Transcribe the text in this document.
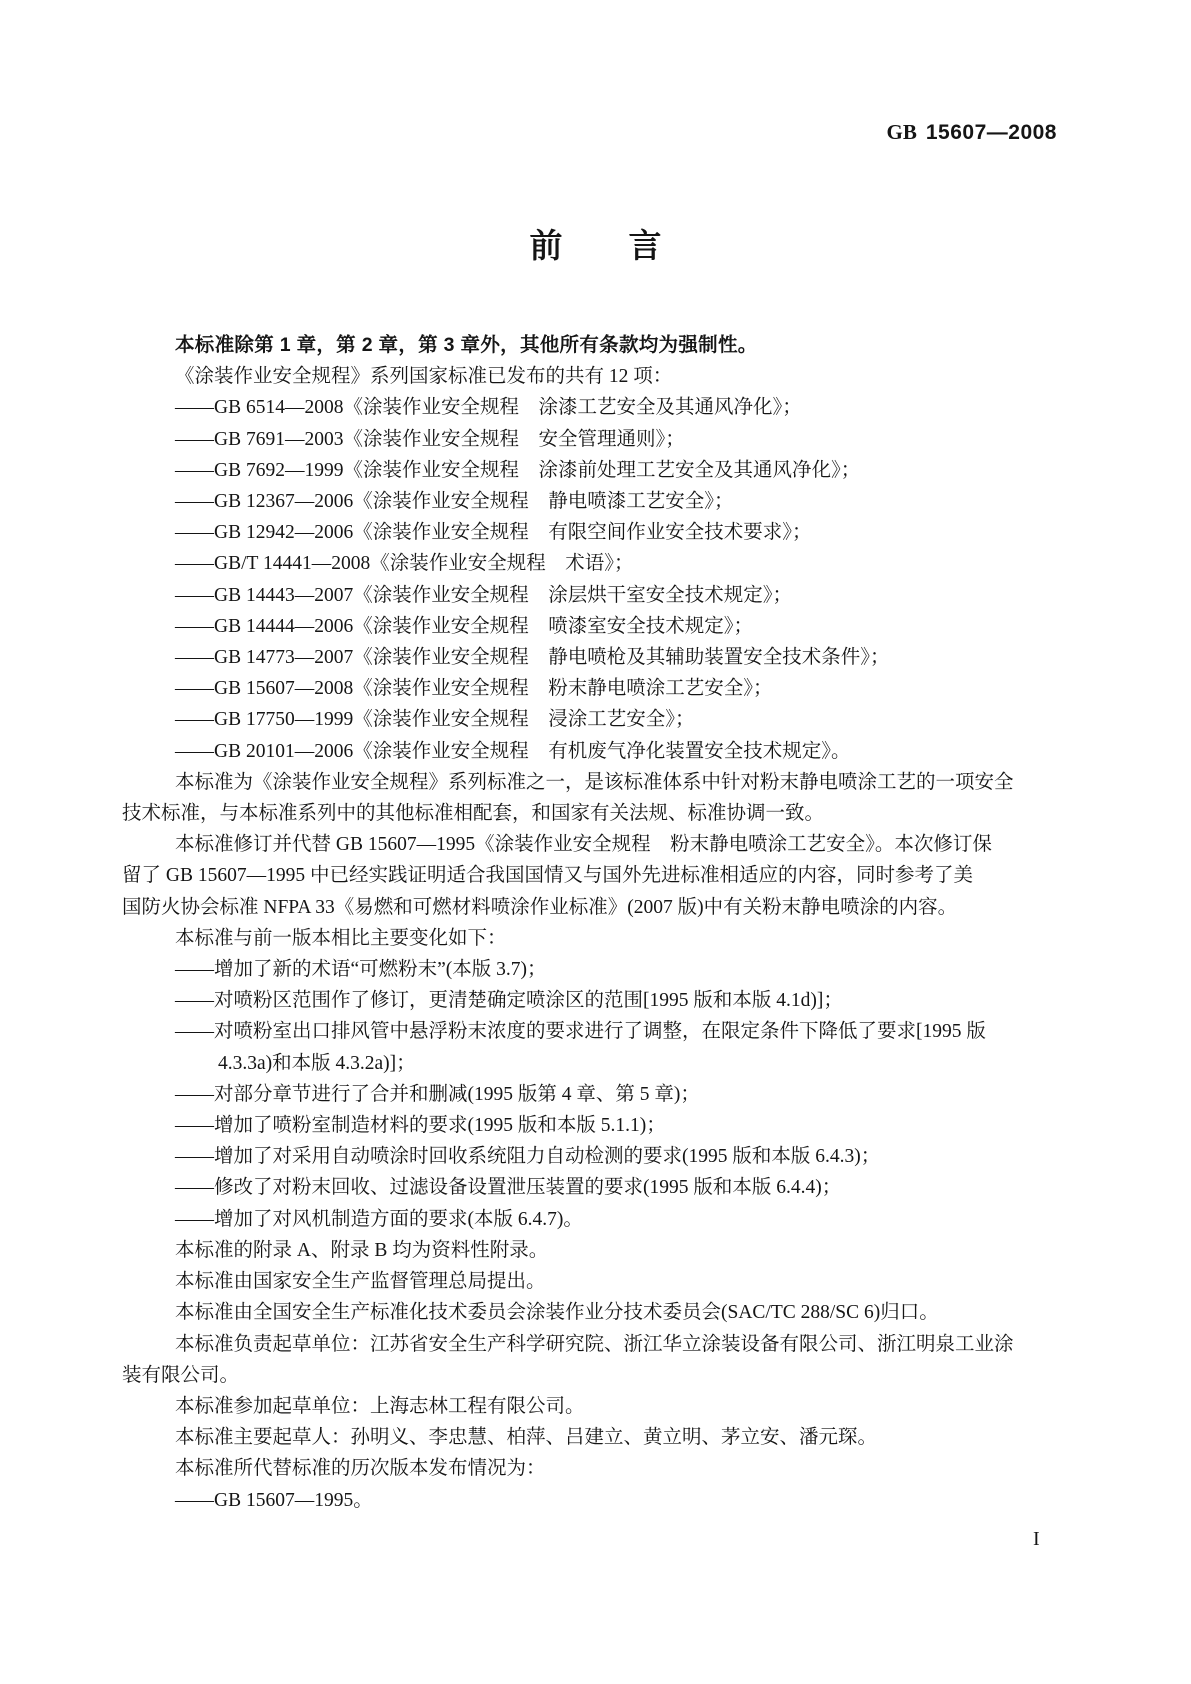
GB 15607—2008
前　　言
本标准除第 1 章，第 2 章，第 3 章外，其他所有条款均为强制性。
《涂装作业安全规程》系列国家标准已发布的共有 12 项：
——GB 6514—2008《涂装作业安全规程　涂漆工艺安全及其通风净化》；
——GB 7691—2003《涂装作业安全规程　安全管理通则》；
——GB 7692—1999《涂装作业安全规程　涂漆前处理工艺安全及其通风净化》；
——GB 12367—2006《涂装作业安全规程　静电喷漆工艺安全》；
——GB 12942—2006《涂装作业安全规程　有限空间作业安全技术要求》；
——GB/T 14441—2008《涂装作业安全规程　术语》；
——GB 14443—2007《涂装作业安全规程　涂层烘干室安全技术规定》；
——GB 14444—2006《涂装作业安全规程　喷漆室安全技术规定》；
——GB 14773—2007《涂装作业安全规程　静电喷枪及其辅助装置安全技术条件》；
——GB 15607—2008《涂装作业安全规程　粉末静电喷涂工艺安全》；
——GB 17750—1999《涂装作业安全规程　浸涂工艺安全》；
——GB 20101—2006《涂装作业安全规程　有机废气净化装置安全技术规定》。
本标准为《涂装作业安全规程》系列标准之一，是该标准体系中针对粉末静电喷涂工艺的一项安全
技术标准，与本标准系列中的其他标准相配套，和国家有关法规、标准协调一致。
本标准修订并代替 GB 15607—1995《涂装作业安全规程　粉末静电喷涂工艺安全》。本次修订保
留了 GB 15607—1995 中已经实践证明适合我国国情又与国外先进标准相适应的内容，同时参考了美
国防火协会标准 NFPA 33《易燃和可燃材料喷涂作业标准》(2007 版)中有关粉末静电喷涂的内容。
本标准与前一版本相比主要变化如下：
——增加了新的术语“可燃粉末”(本版 3.7)；
——对喷粉区范围作了修订，更清楚确定喷涂区的范围[1995 版和本版 4.1d)]；
——对喷粉室出口排风管中悬浮粉末浓度的要求进行了调整，在限定条件下降低了要求[1995 版
4.3.3a)和本版 4.3.2a)]；
——对部分章节进行了合并和删减(1995 版第 4 章、第 5 章)；
——增加了喷粉室制造材料的要求(1995 版和本版 5.1.1)；
——增加了对采用自动喷涂时回收系统阻力自动检测的要求(1995 版和本版 6.4.3)；
——修改了对粉末回收、过滤设备设置泄压装置的要求(1995 版和本版 6.4.4)；
——增加了对风机制造方面的要求(本版 6.4.7)。
本标准的附录 A、附录 B 均为资料性附录。
本标准由国家安全生产监督管理总局提出。
本标准由全国安全生产标准化技术委员会涂装作业分技术委员会(SAC/TC 288/SC 6)归口。
本标准负责起草单位：江苏省安全生产科学研究院、浙江华立涂装设备有限公司、浙江明泉工业涂
装有限公司。
本标准参加起草单位：上海志林工程有限公司。
本标准主要起草人：孙明义、李忠慧、柏萍、吕建立、黄立明、茅立安、潘元琛。
本标准所代替标准的历次版本发布情况为：
——GB 15607—1995。
I
